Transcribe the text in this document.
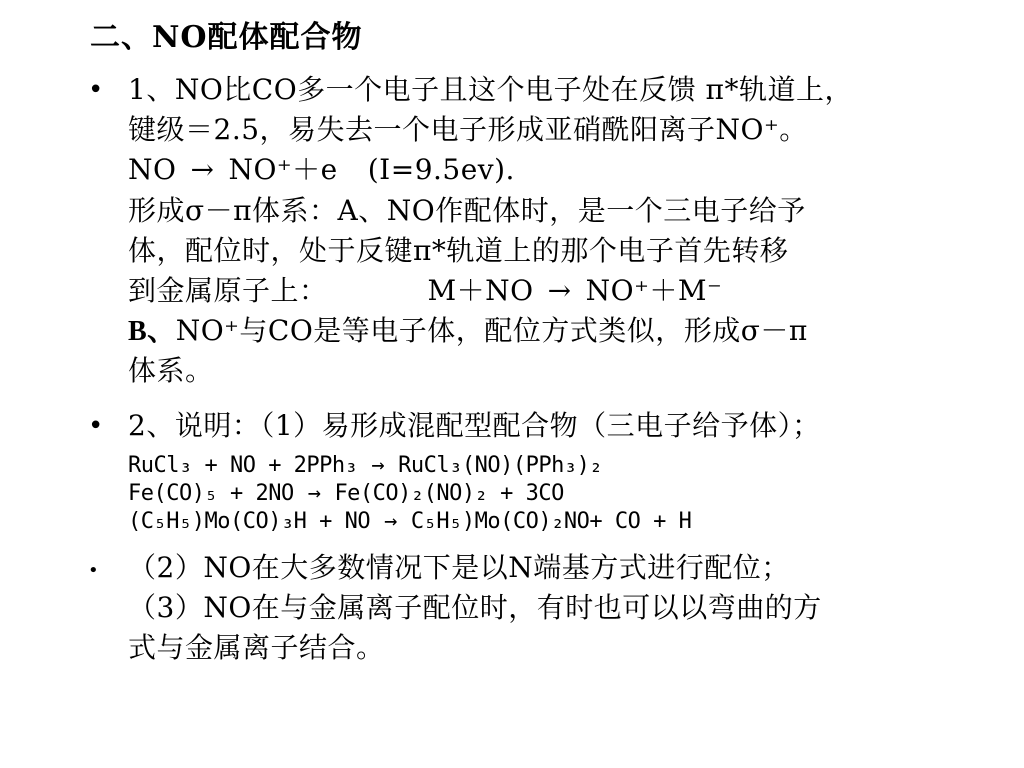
二、NO配体配合物
• 1、NO比CO多一个电子且这个电子处在反馈 π*轨道上，
键级＝2.5，易失去一个电子形成亚硝酰阳离子NO⁺。
NO → NO⁺＋e (I=9.5ev).
形成σ－π体系：A、NO作配体时，是一个三电子给予
体，配位时，处于反键π*轨道上的那个电子首先转移
到金属原子上：	M＋NO → NO⁺＋M⁻
B、NO⁺与CO是等电子体，配位方式类似，形成σ－π
体系。
• 2、说明：（1）易形成混配型配合物（三电子给予体）；
RuCl₃ + NO + 2PPh₃ → RuCl₃(NO)(PPh₃)₂
Fe(CO)₅ + 2NO → Fe(CO)₂(NO)₂ + 3CO
(C₅H₅)Mo(CO)₃H + NO → C₅H₅)Mo(CO)₂NO+ CO + H
• （2）NO在大多数情况下是以N端基方式进行配位；
（3）NO在与金属离子配位时，有时也可以以弯曲的方
式与金属离子结合。
